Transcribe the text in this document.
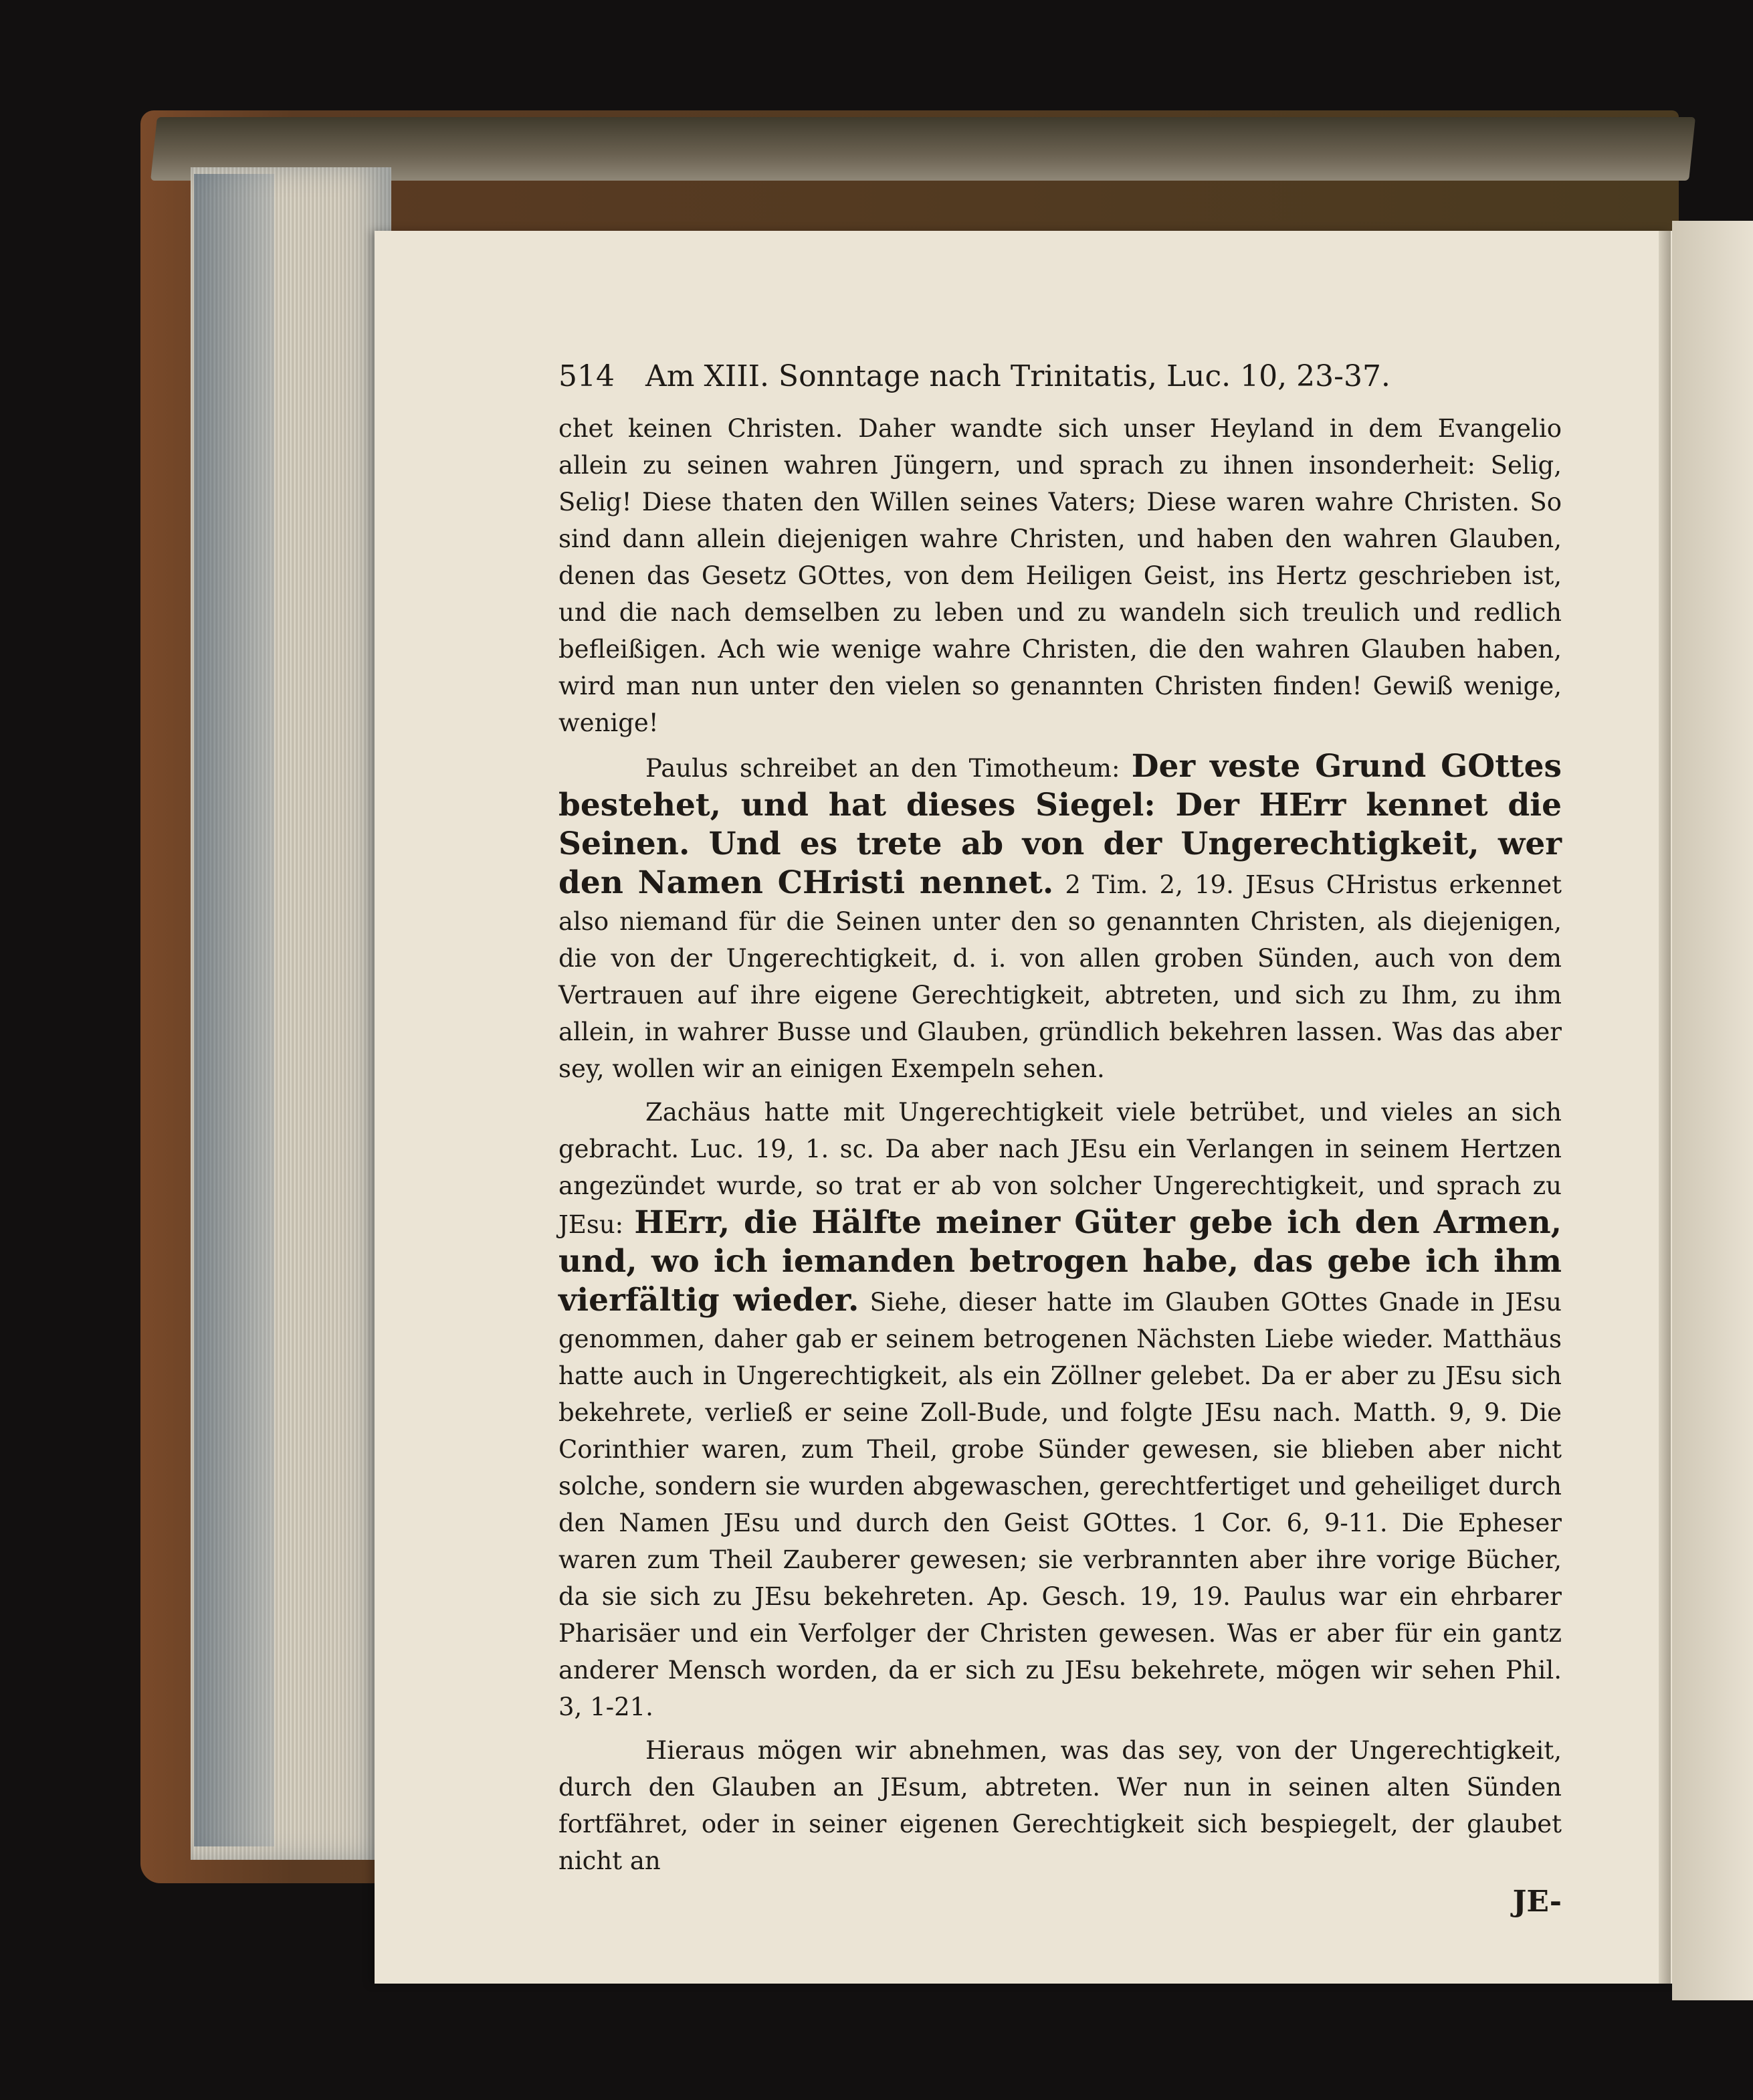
514 Am XIII. Sonntage nach Trinitatis, Luc. 10, 23-37.

chet keinen Christen. Daher wandte sich unser Heyland in dem Evangelio allein zu seinen wahren Jüngern, und sprach zu ihnen insonderheit: Selig, Selig! Diese thaten den Willen seines Vaters; Diese waren wahre Christen. So sind dann allein diejenigen wahre Christen, und haben den wahren Glauben, denen das Gesetz GOttes, von dem Heiligen Geist, ins Hertz geschrieben ist, und die nach demselben zu leben und zu wandeln sich treulich und redlich befleißigen. Ach wie wenige wahre Christen, die den wahren Glauben haben, wird man nun unter den vielen so genannten Christen finden! Gewiß wenige, wenige!

Paulus schreibet an den Timotheum: Der veste Grund GOttes bestehet, und hat dieses Siegel: Der HErr kennet die Seinen. Und es trete ab von der Ungerechtigkeit, wer den Namen CHristi nennet. 2 Tim. 2, 19. JEsus CHristus erkennet also niemand für die Seinen unter den so genannten Christen, als diejenigen, die von der Ungerechtigkeit, d. i. von allen groben Sünden, auch von dem Vertrauen auf ihre eigene Gerechtigkeit, abtreten, und sich zu Ihm, zu ihm allein, in wahrer Busse und Glauben, gründlich bekehren lassen. Was das aber sey, wollen wir an einigen Exempeln sehen.

Zachäus hatte mit Ungerechtigkeit viele betrübet, und vieles an sich gebracht. Luc. 19, 1. sc. Da aber nach JEsu ein Verlangen in seinem Hertzen angezündet wurde, so trat er ab von solcher Ungerechtigkeit, und sprach zu JEsu: HErr, die Hälfte meiner Güter gebe ich den Armen, und, wo ich iemanden betrogen habe, das gebe ich ihm vierfältig wieder. Siehe, dieser hatte im Glauben GOttes Gnade in JEsu genommen, daher gab er seinem betrogenen Nächsten Liebe wieder. Matthäus hatte auch in Ungerechtigkeit, als ein Zöllner gelebet. Da er aber zu JEsu sich bekehrete, verließ er seine Zoll-Bude, und folgte JEsu nach. Matth. 9, 9. Die Corinthier waren, zum Theil, grobe Sünder gewesen, sie blieben aber nicht solche, sondern sie wurden abgewaschen, gerechtfertiget und geheiliget durch den Namen JEsu und durch den Geist GOttes. 1 Cor. 6, 9-11. Die Epheser waren zum Theil Zauberer gewesen; sie verbrannten aber ihre vorige Bücher, da sie sich zu JEsu bekehreten. Ap. Gesch. 19, 19. Paulus war ein ehrbarer Pharisäer und ein Verfolger der Christen gewesen. Was er aber für ein gantz anderer Mensch worden, da er sich zu JEsu bekehrete, mögen wir sehen Phil. 3, 1-21.

Hieraus mögen wir abnehmen, was das sey, von der Ungerechtigkeit, durch den Glauben an JEsum, abtreten. Wer nun in seinen alten Sünden fortfähret, oder in seiner eigenen Gerechtigkeit sich bespiegelt, der glaubet nicht an

JE-
